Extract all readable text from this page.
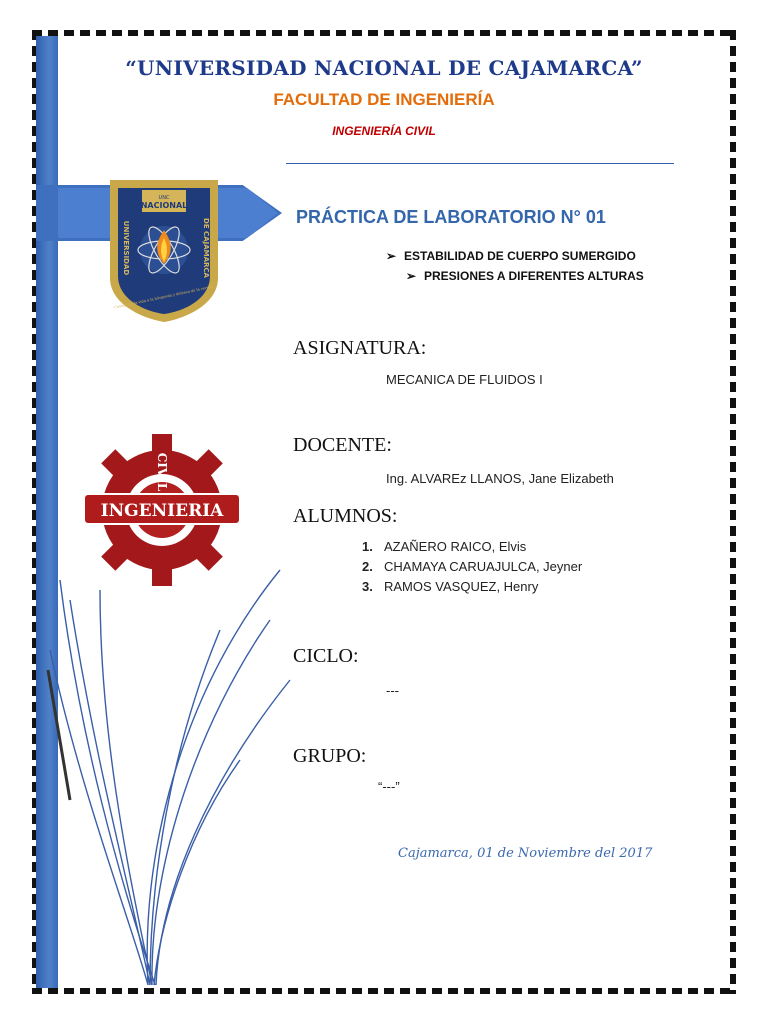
UNC
NACIONAL
UNIVERSIDAD	DE CAJAMARCA
Consagrar la vida a la búsqueda y defensa de la verdad
INGENIERIA
CIVIL
“UNIVERSIDAD NACIONAL DE CAJAMARCA”
FACULTAD DE INGENIERÍA
INGENIERÍA CIVIL
PRÁCTICA DE LABORATORIO N° 01
➢ ESTABILIDAD DE CUERPO SUMERGIDO
➢ PRESIONES A DIFERENTES ALTURAS
ASIGNATURA:
MECANICA DE FLUIDOS I
DOCENTE:
Ing. ALVAREz LLANOS, Jane Elizabeth
ALUMNOS:
1. AZAÑERO RAICO, Elvis
2. CHAMAYA CARUAJULCA, Jeyner
3. RAMOS VASQUEZ, Henry
CICLO:
---
GRUPO:
“---”
Cajamarca, 01 de Noviembre del 2017
